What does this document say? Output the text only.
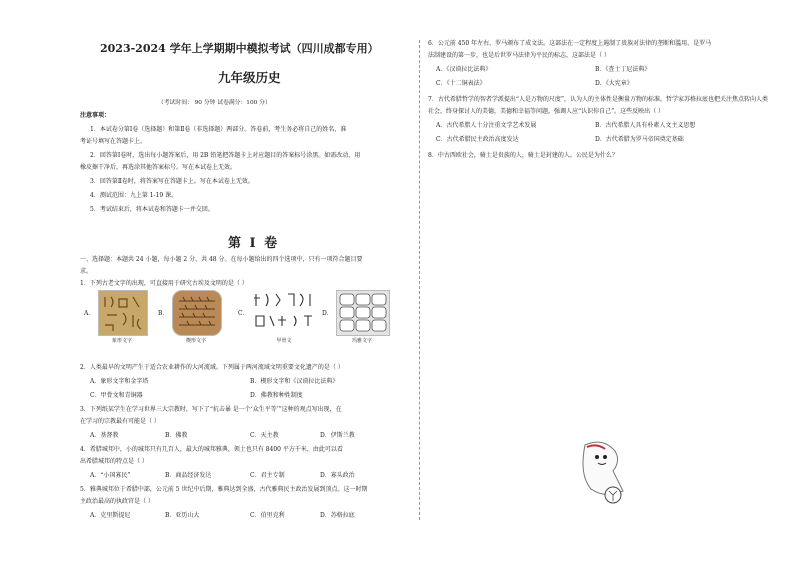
2023-2024 学年上学期期中模拟考试（四川成都专用）
九年级历史
（考试时间： 90 分钟 试卷满分：100 分）
注意事项：
1．本试卷分第Ⅰ卷（选择题）和第Ⅱ卷（非选择题）两部分。答卷前，考生务必将自己的姓名、准
考证号填写在答题卡上。
2．回答第Ⅰ卷时，选出每小题答案后，用 2B 铅笔把答题卡上对应题目的答案标号涂黑。如需改动，用
橡皮擦干净后，再选涂其他答案标号。写在本试卷上无效。
3．回答第Ⅱ卷时，将答案写在答题卡上。写在本试卷上无效。
4．测试范围：九上第 1-19 课。
5．考试结束后，将本试卷和答题卡一并交回。
第 Ⅰ 卷
一、选择题：本题共 24 小题，每小题 2 分，共 48 分。在每小题给出的四个选项中，只有一项符合题目要
求。
1．下列古老文字的出现，可直接用于研究古埃及文明的是（ ）
A．
象形文字
B．
楔形文字
C．
甲骨文
D．
玛雅文字
2．人类最早的文明产生于适合农业耕作的大河流域。下列属于两河流域文明重要文化遗产的是（ ）
A．象形文字和金字塔	B．楔形文字和《汉谟拉比法典》
C．甲骨文和青铜器	D．佛教和种姓制度
3．下列纸某学生在学习世界三大宗教时，写下了“抗击暴 是一个‘众生平等’”这种的观点写出现，在
在学习的宗教最有可能是（ ）
A．基督教	B．佛教	C．天主教	D．伊斯兰教
4．希腊城邦中，小的城邦只有几百人，最大的城邦雅典，领土也只有 8400 平方千米，由此可以看
出希腊城邦的特点是（ ）
A．“小国寡民”	B．商品经济发达	C．君主专制	D．寡头政治
5．雅典城邦位于希腊中部，公元前 5 世纪中后期，雅典达到全盛，古代雅典民主政治发展到顶点。这一时期
主政治最高的执政官是（ ）
A．克里斯提尼	B．亚历山大	C．伯里克利	D．苏格拉底
6．公元前 450 年左右，罗马颁布了成文法。这部法在一定程度上遏制了贵族对法律的垄断和滥用，是罗马
法制建设的第一步，也是后世罗马法律为平民的标志，这部法是（ ）
A．《汉谟拉比法典》	B．《查士丁尼法典》
C．《十二铜表法》	D．《大宪章》
7．古代希腊哲学的智者学派提出“人是万物的尺度”，认为人的主体性是衡量万物的标准。哲学家苏格拉底也把关注焦点转向人类
社会，终身探讨人的美德，美德和幸福等问题，强调人应“认识你自己”。这些反映出（ ）
A．古代希腊人十分注重文学艺术发展	B．古代希腊人具有朴素人文主义思想
C．古代希腊民主政治高度发达	D．古代希腊为罗马帝国奠定基础
8．中古西欧社会，骑士是贵族的人，骑士是封建的人。公民是为什么？
